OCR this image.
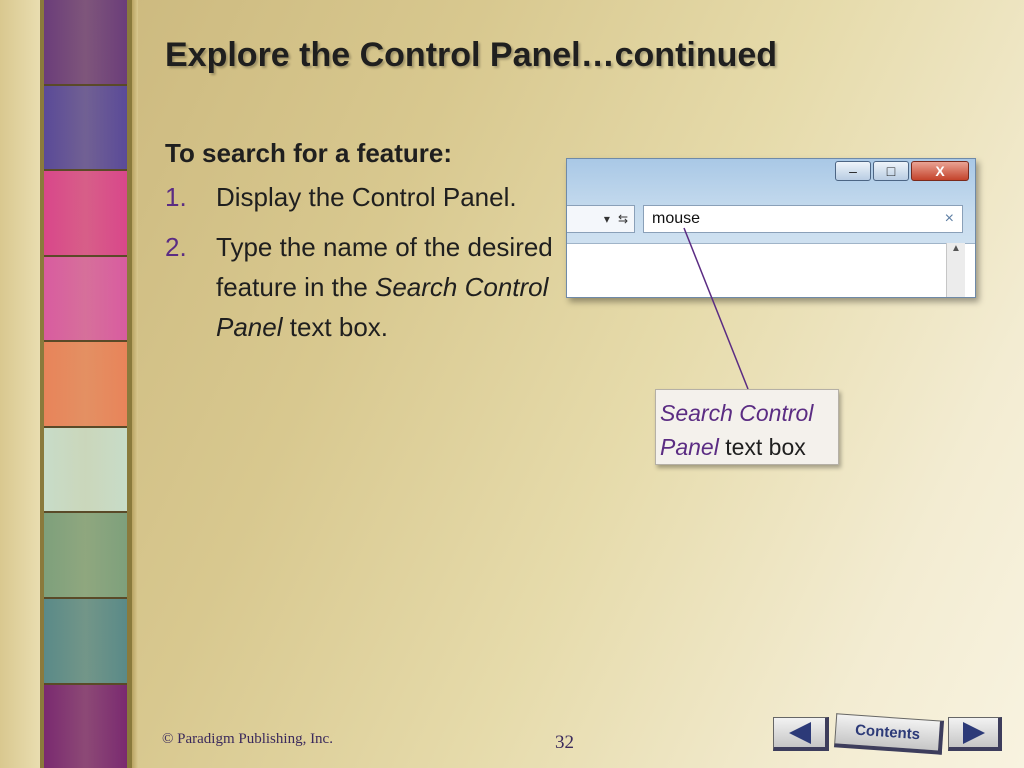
Explore the Control Panel…continued
To search for a feature:
1.	Display the Control Panel.
2.	Type the name of the desired feature in the Search Control Panel text box.
–	□	X
▾ ⇆ mouse	×
▲
Search Control Panel text box
© Paradigm Publishing, Inc.	32	Contents
